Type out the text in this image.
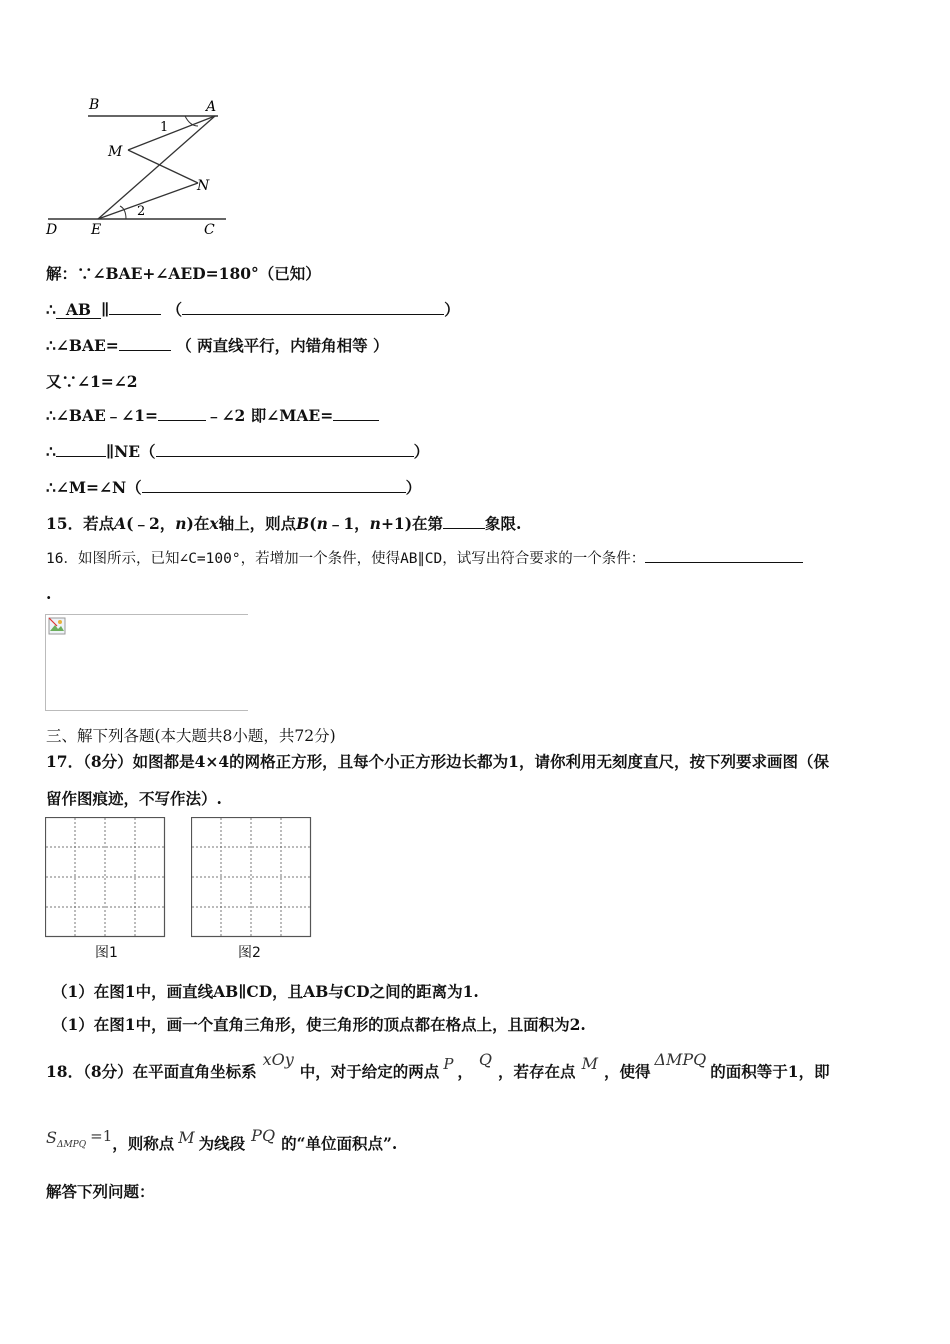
B	A
M
N
D E	C
1
2
解：∵∠BAE+∠AED=180°（已知）
∴ AB ∥	（	）
∴∠BAE=	（ 两直线平行，内错角相等 ）
又∵∠1=∠2
∴∠BAE﹣∠1=	﹣∠2 即∠MAE=
∴	∥NE（	）
∴∠M=∠N（	）
15．若点A(﹣2，n)在x轴上，则点B(n﹣1，n+1)在第	象限.
16．如图所示，已知∠C=100°，若增加一个条件，使得AB∥CD，试写出符合要求的一个条件：
.
三、解下列各题(本大题共8小题，共72分)
17．（8分）如图都是4×4的网格正方形，且每个小正方形边长都为1，请你利用无刻度直尺，按下列要求画图（保
留作图痕迹，不写作法）.
图1	图2
（1）在图1中，画直线AB∥CD，且AB与CD之间的距离为1.
（1）在图1中，画一个直角三角形，使三角形的顶点都在格点上，且面积为2.
18．（8分）在平面直角坐标系xOy中，对于给定的两点 P ，Q，若存在点 M ，使得ΔMPQ的面积等于1，即
SΔMPQ =1，则称点 M 为线段 PQ 的“单位面积点”.
解答下列问题：
